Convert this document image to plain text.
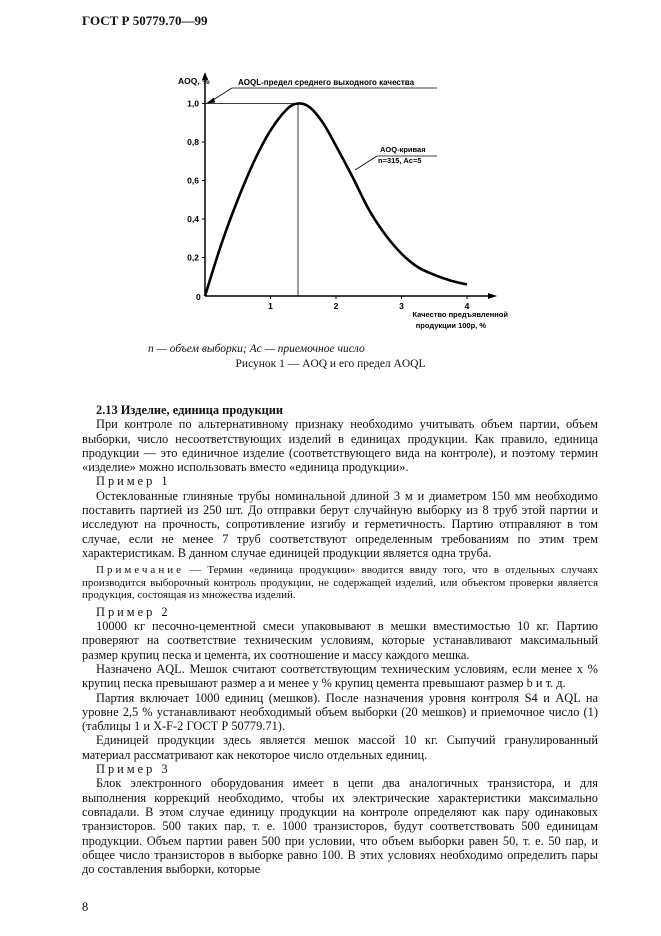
ГОСТ Р 50779.70—99
1	2	3	4
0,2
0,4
0,6
0,8
1,0
AOQ, %
0
Качество предъявленной
продукции 100р, %
AOQL-предел среднего выходного качества
AOQ-кривая
n=315, Ac=5
n — объем выборки; Ac — приемочное число
Рисунок 1 — AOQ и его предел AOQL
2.13 Изделие, единица продукции

При контроле по альтернативному признаку необходимо учитывать объем партии, объем выборки, число несоответствующих изделий в единицах продукции. Как правило, единица продукции — это единичное изделие (соответствующего вида на контроле), и поэтому термин «изделие» можно использовать вместо «единица продукции».

Пример 1

Остеклованные глиняные трубы номинальной длиной 3 м и диаметром 150 мм необходимо поставить партией из 250 шт. До отправки берут случайную выборку из 8 труб этой партии и исследуют на прочность, сопротивление изгибу и герметичность. Партию отправляют в том случае, если не менее 7 труб соответствуют определенным требованиям по этим трем характеристикам. В данном случае единицей продукции является одна труба.

Примечание — Термин «единица продукции» вводится ввиду того, что в отдельных случаях производится выборочный контроль продукции, не содержащей изделий, или объектом проверки является продукция, состоящая из множества изделий.

Пример 2

10000 кг песочно-цементной смеси упаковывают в мешки вместимостью 10 кг. Партию проверяют на соответствие техническим условиям, которые устанавливают максимальный размер крупиц песка и цемента, их соотношение и массу каждого мешка.

Назначено AQL. Мешок считают соответствующим техническим условиям, если менее x % крупиц песка превышают размер a и менее y % крупиц цемента превышают размер b и т. д.

Партия включает 1000 единиц (мешков). После назначения уровня контроля S4 и AQL на уровне 2,5 % устанавливают необходимый объем выборки (20 мешков) и приемочное число (1) (таблицы 1 и X-F-2 ГОСТ Р 50779.71).

Единицей продукции здесь является мешок массой 10 кг. Сыпучий гранулированный материал рассматривают как некоторое число отдельных единиц.

Пример 3

Блок электронного оборудования имеет в цепи два аналогичных транзистора, и для выполнения коррекций необходимо, чтобы их электрические характеристики максимально совпадали. В этом случае единицу продукции на контроле определяют как пару одинаковых транзисторов. 500 таких пар, т. е. 1000 транзисторов, будут соответствовать 500 единицам продукции. Объем партии равен 500 при условии, что объем выборки равен 50, т. е. 50 пар, и общее число транзисторов в выборке равно 100. В этих условиях необходимо определить пары до составления выборки, которые

8
